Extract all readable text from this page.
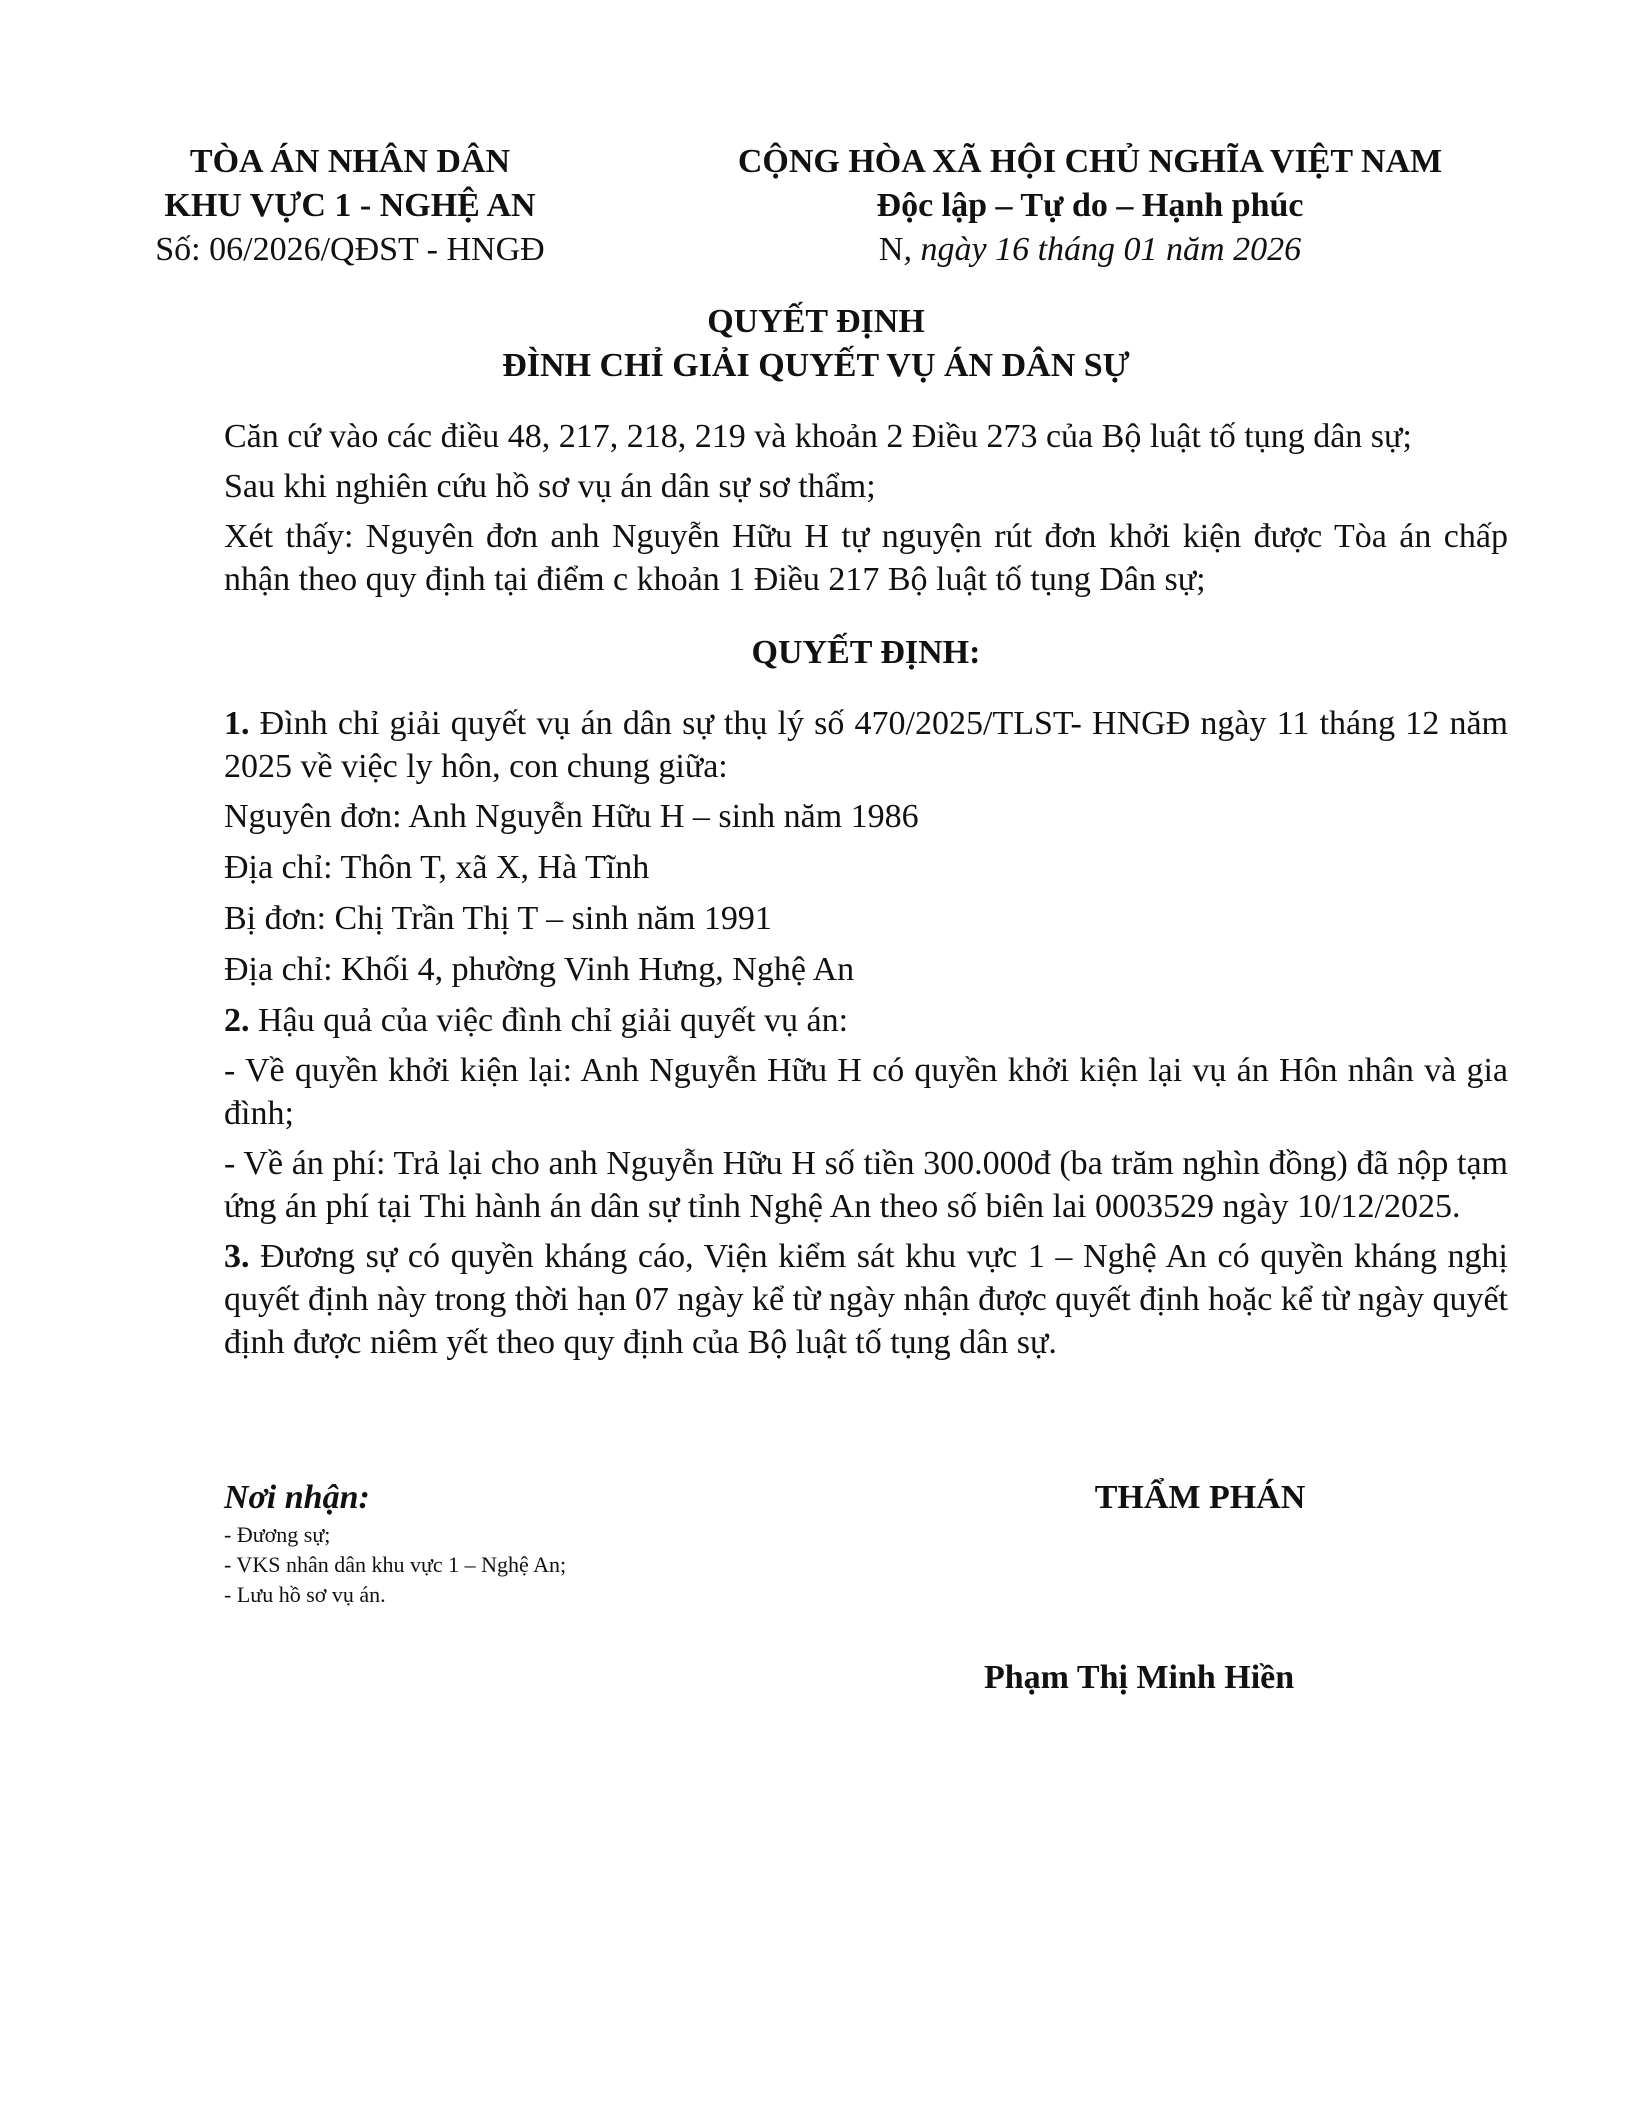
TÒA ÁN NHÂN DÂN
KHU VỰC 1 - NGHỆ AN
Số: 06/2026/QĐST - HNGĐ
CỘNG HÒA XÃ HỘI CHỦ NGHĨA VIỆT NAM
Độc lập – Tự do – Hạnh phúc
N, ngày 16 tháng 01 năm 2026
QUYẾT ĐỊNH
ĐÌNH CHỈ GIẢI QUYẾT VỤ ÁN DÂN SỰ

Căn cứ vào các điều 48, 217, 218, 219 và khoản 2 Điều 273 của Bộ luật tố tụng dân sự;

Sau khi nghiên cứu hồ sơ vụ án dân sự sơ thẩm;

Xét thấy: Nguyên đơn anh Nguyễn Hữu H tự nguyện rút đơn khởi kiện được Tòa án chấp nhận theo quy định tại điểm c khoản 1 Điều 217 Bộ luật tố tụng Dân sự;

QUYẾT ĐỊNH:

1. Đình chỉ giải quyết vụ án dân sự thụ lý số 470/2025/TLST- HNGĐ ngày 11 tháng 12 năm 2025 về việc ly hôn, con chung giữa:

Nguyên đơn: Anh Nguyễn Hữu H – sinh năm 1986

Địa chỉ: Thôn T, xã X, Hà Tĩnh

Bị đơn: Chị Trần Thị T – sinh năm 1991

Địa chỉ: Khối 4, phường Vinh Hưng, Nghệ An

2. Hậu quả của việc đình chỉ giải quyết vụ án:

- Về quyền khởi kiện lại: Anh Nguyễn Hữu H có quyền khởi kiện lại vụ án Hôn nhân và gia đình;

- Về án phí: Trả lại cho anh Nguyễn Hữu H số tiền 300.000đ (ba trăm nghìn đồng) đã nộp tạm ứng án phí tại Thi hành án dân sự tỉnh Nghệ An theo số biên lai 0003529 ngày 10/12/2025.

3. Đương sự có quyền kháng cáo, Viện kiểm sát khu vực 1 – Nghệ An có quyền kháng nghị quyết định này trong thời hạn 07 ngày kể từ ngày nhận được quyết định hoặc kể từ ngày quyết định được niêm yết theo quy định của Bộ luật tố tụng dân sự.

Nơi nhận:
- Đương sự;
- VKS nhân dân khu vực 1 – Nghệ An;
- Lưu hồ sơ vụ án.
THẨM PHÁN
Phạm Thị Minh Hiền
